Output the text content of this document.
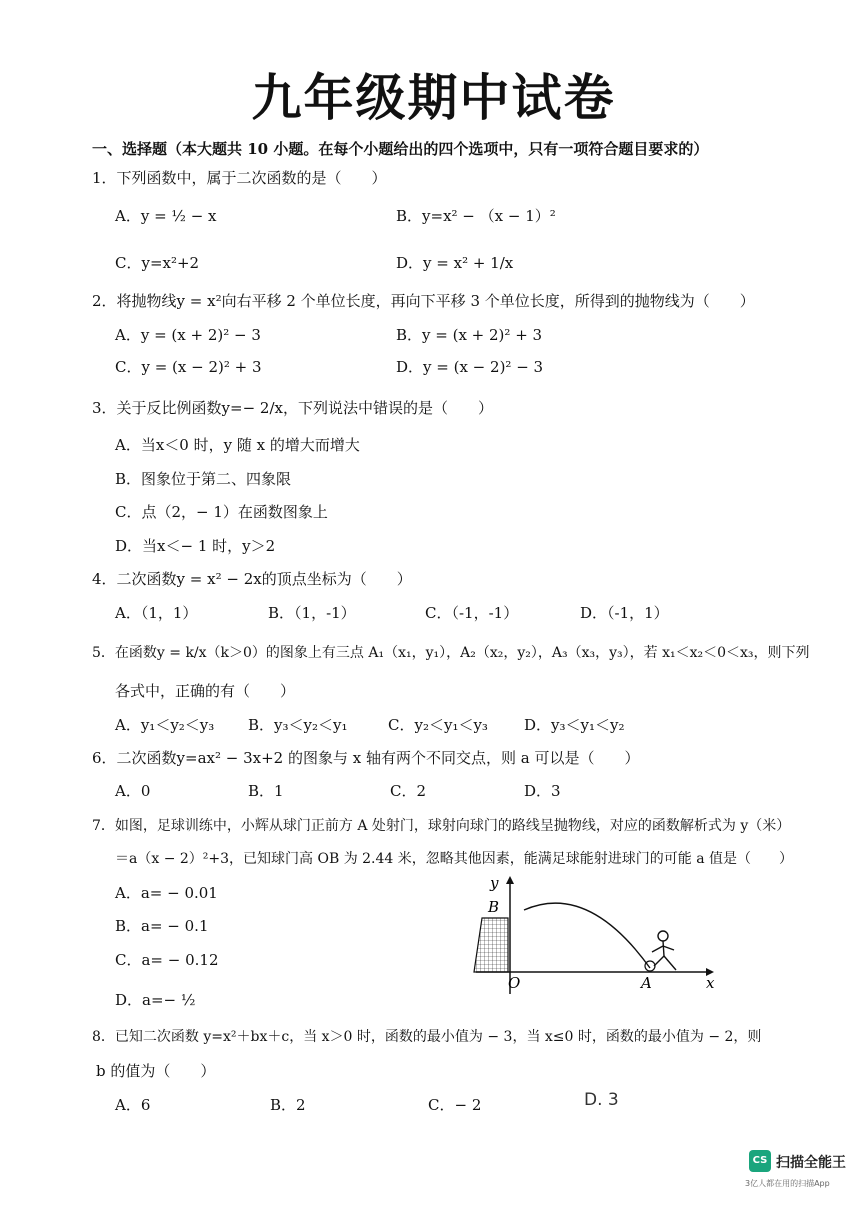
九年级期中试卷
一、选择题（本大题共 10 小题。在每个小题给出的四个选项中，只有一项符合题目要求的）
1．下列函数中，属于二次函数的是（　　）
A．y = ½ − x	B．y=x² − （x − 1）²
C．y=x²+2	D．y = x² + 1/x
2．将抛物线y = x²向右平移 2 个单位长度，再向下平移 3 个单位长度，所得到的抛物线为（　　）
A．y = (x + 2)² − 3	B．y = (x + 2)² + 3
C．y = (x − 2)² + 3	D．y = (x − 2)² − 3
3．关于反比例函数y=− 2/x，下列说法中错误的是（　　）
A．当x＜0 时，y 随 x 的增大而增大
B．图象位于第二、四象限
C．点（2，− 1）在函数图象上
D．当x＜− 1 时，y＞2
4．二次函数y = x² − 2x的顶点坐标为（　　）
A．（1，1）	B．（1，-1）	C．（-1，-1）	D．（-1，1）
5．在函数y = k/x（k＞0）的图象上有三点 A₁（x₁，y₁），A₂（x₂，y₂），A₃（x₃，y₃），若 x₁＜x₂＜0＜x₃，则下列
各式中，正确的有（　　）
A．y₁＜y₂＜y₃ B．y₃＜y₂＜y₁	C．y₂＜y₁＜y₃ D．y₃＜y₁＜y₂
6．二次函数y=ax² − 3x+2 的图象与 x 轴有两个不同交点，则 a 可以是（　　）
A．0	B．1	C．2	D．3
7．如图，足球训练中，小辉从球门正前方 A 处射门，球射向球门的路线呈抛物线，对应的函数解析式为 y（米）
＝a（x − 2）²+3，已知球门高 OB 为 2.44 米，忽略其他因素，能满足球能射进球门的可能 a 值是（　　）
A．a= − 0.01
B．a= − 0.1
C．a= − 0.12
D．a=− ½
y
B
O	A	x
8．已知二次函数 y=x²＋bx＋c，当 x＞0 时，函数的最小值为 − 3，当 x≤0 时，函数的最小值为 − 2，则
b 的值为（　　）
A．6	B．2	C．− 2	D. 3
CS 扫描全能王
3亿人都在用的扫描App
